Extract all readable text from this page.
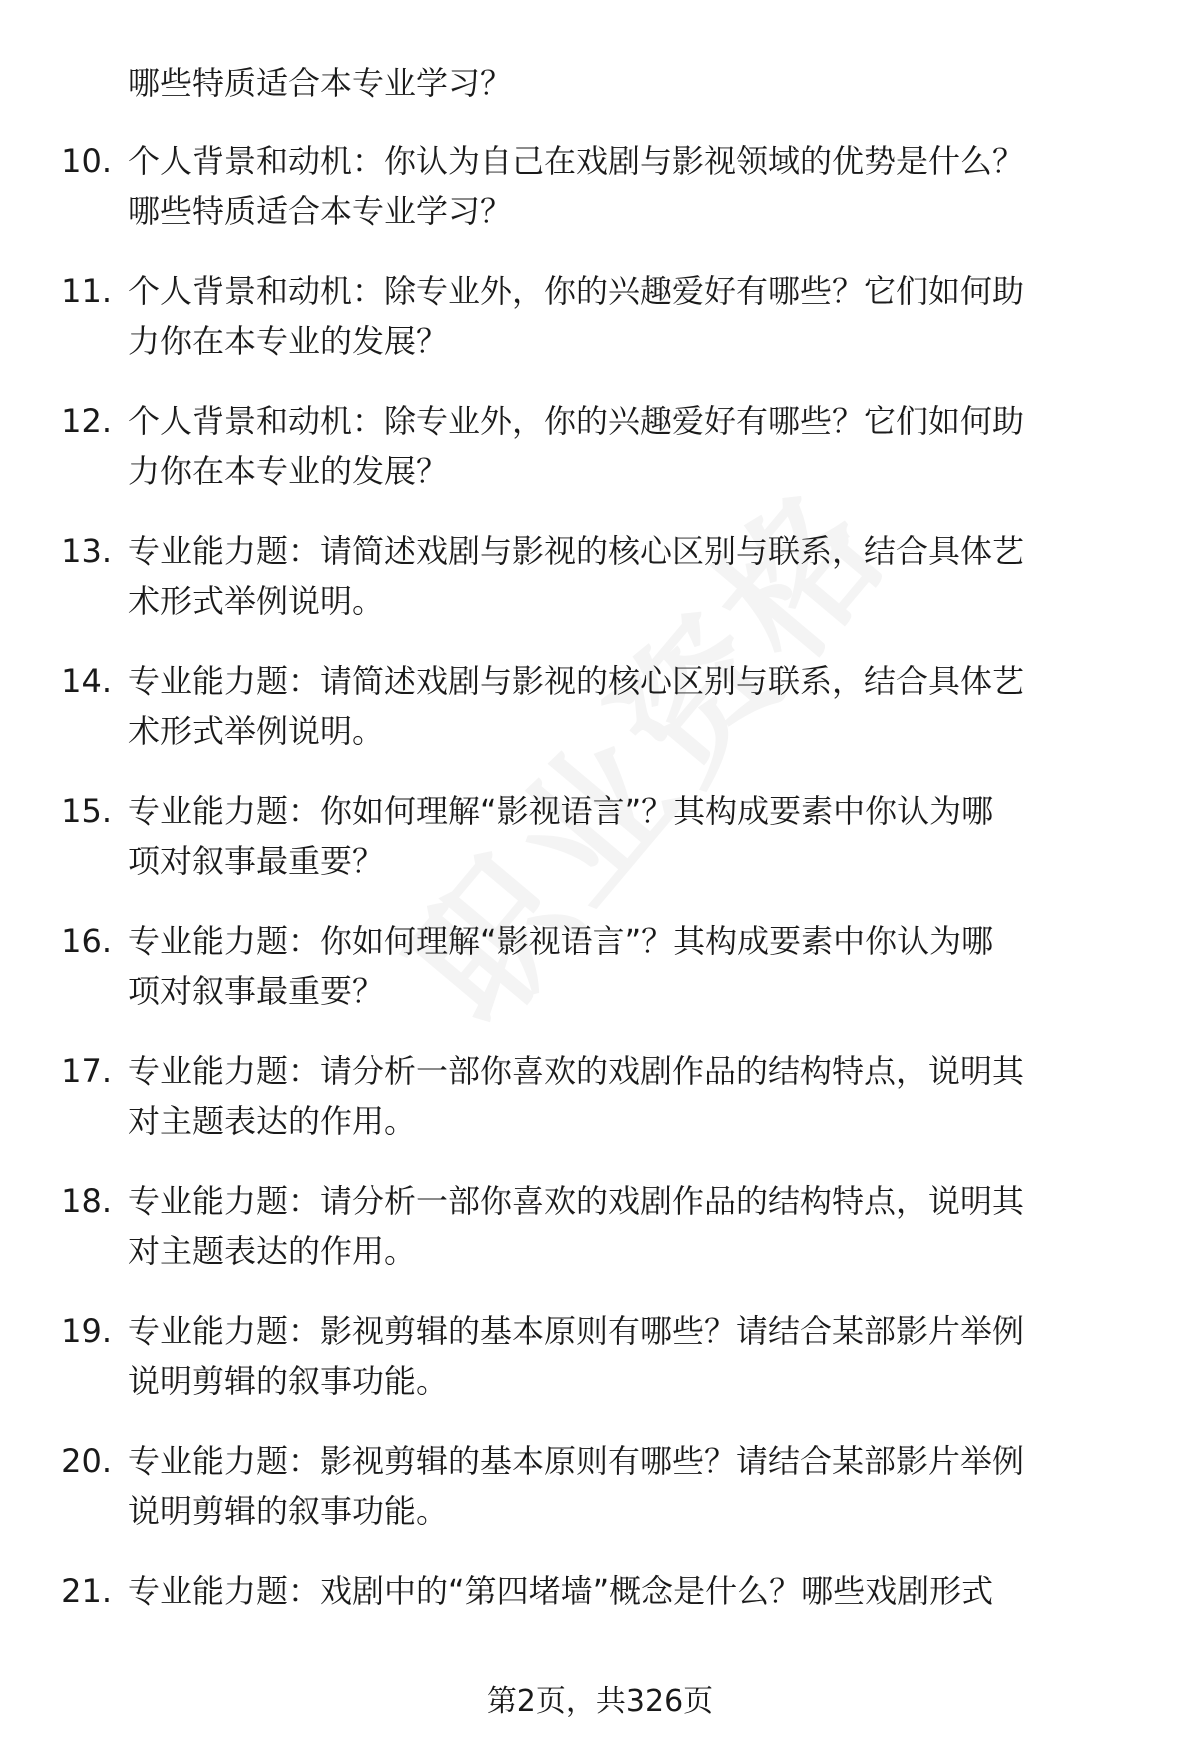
哪些特质适合本专业学习？
10. 个人背景和动机：你认为自己在戏剧与影视领域的优势是什么？
哪些特质适合本专业学习？
11. 个人背景和动机：除专业外，你的兴趣爱好有哪些？它们如何助
力你在本专业的发展？
12. 个人背景和动机：除专业外，你的兴趣爱好有哪些？它们如何助
力你在本专业的发展？
13. 专业能力题：请简述戏剧与影视的核心区别与联系，结合具体艺
术形式举例说明。
14. 专业能力题：请简述戏剧与影视的核心区别与联系，结合具体艺
术形式举例说明。
15. 专业能力题：你如何理解“影视语言”？其构成要素中你认为哪
项对叙事最重要？
16. 专业能力题：你如何理解“影视语言”？其构成要素中你认为哪
项对叙事最重要？
17. 专业能力题：请分析一部你喜欢的戏剧作品的结构特点，说明其
对主题表达的作用。
18. 专业能力题：请分析一部你喜欢的戏剧作品的结构特点，说明其
对主题表达的作用。
19. 专业能力题：影视剪辑的基本原则有哪些？请结合某部影片举例
说明剪辑的叙事功能。
20. 专业能力题：影视剪辑的基本原则有哪些？请结合某部影片举例
说明剪辑的叙事功能。
21. 专业能力题：戏剧中的“第四堵墙”概念是什么？哪些戏剧形式
第2页，共326页
